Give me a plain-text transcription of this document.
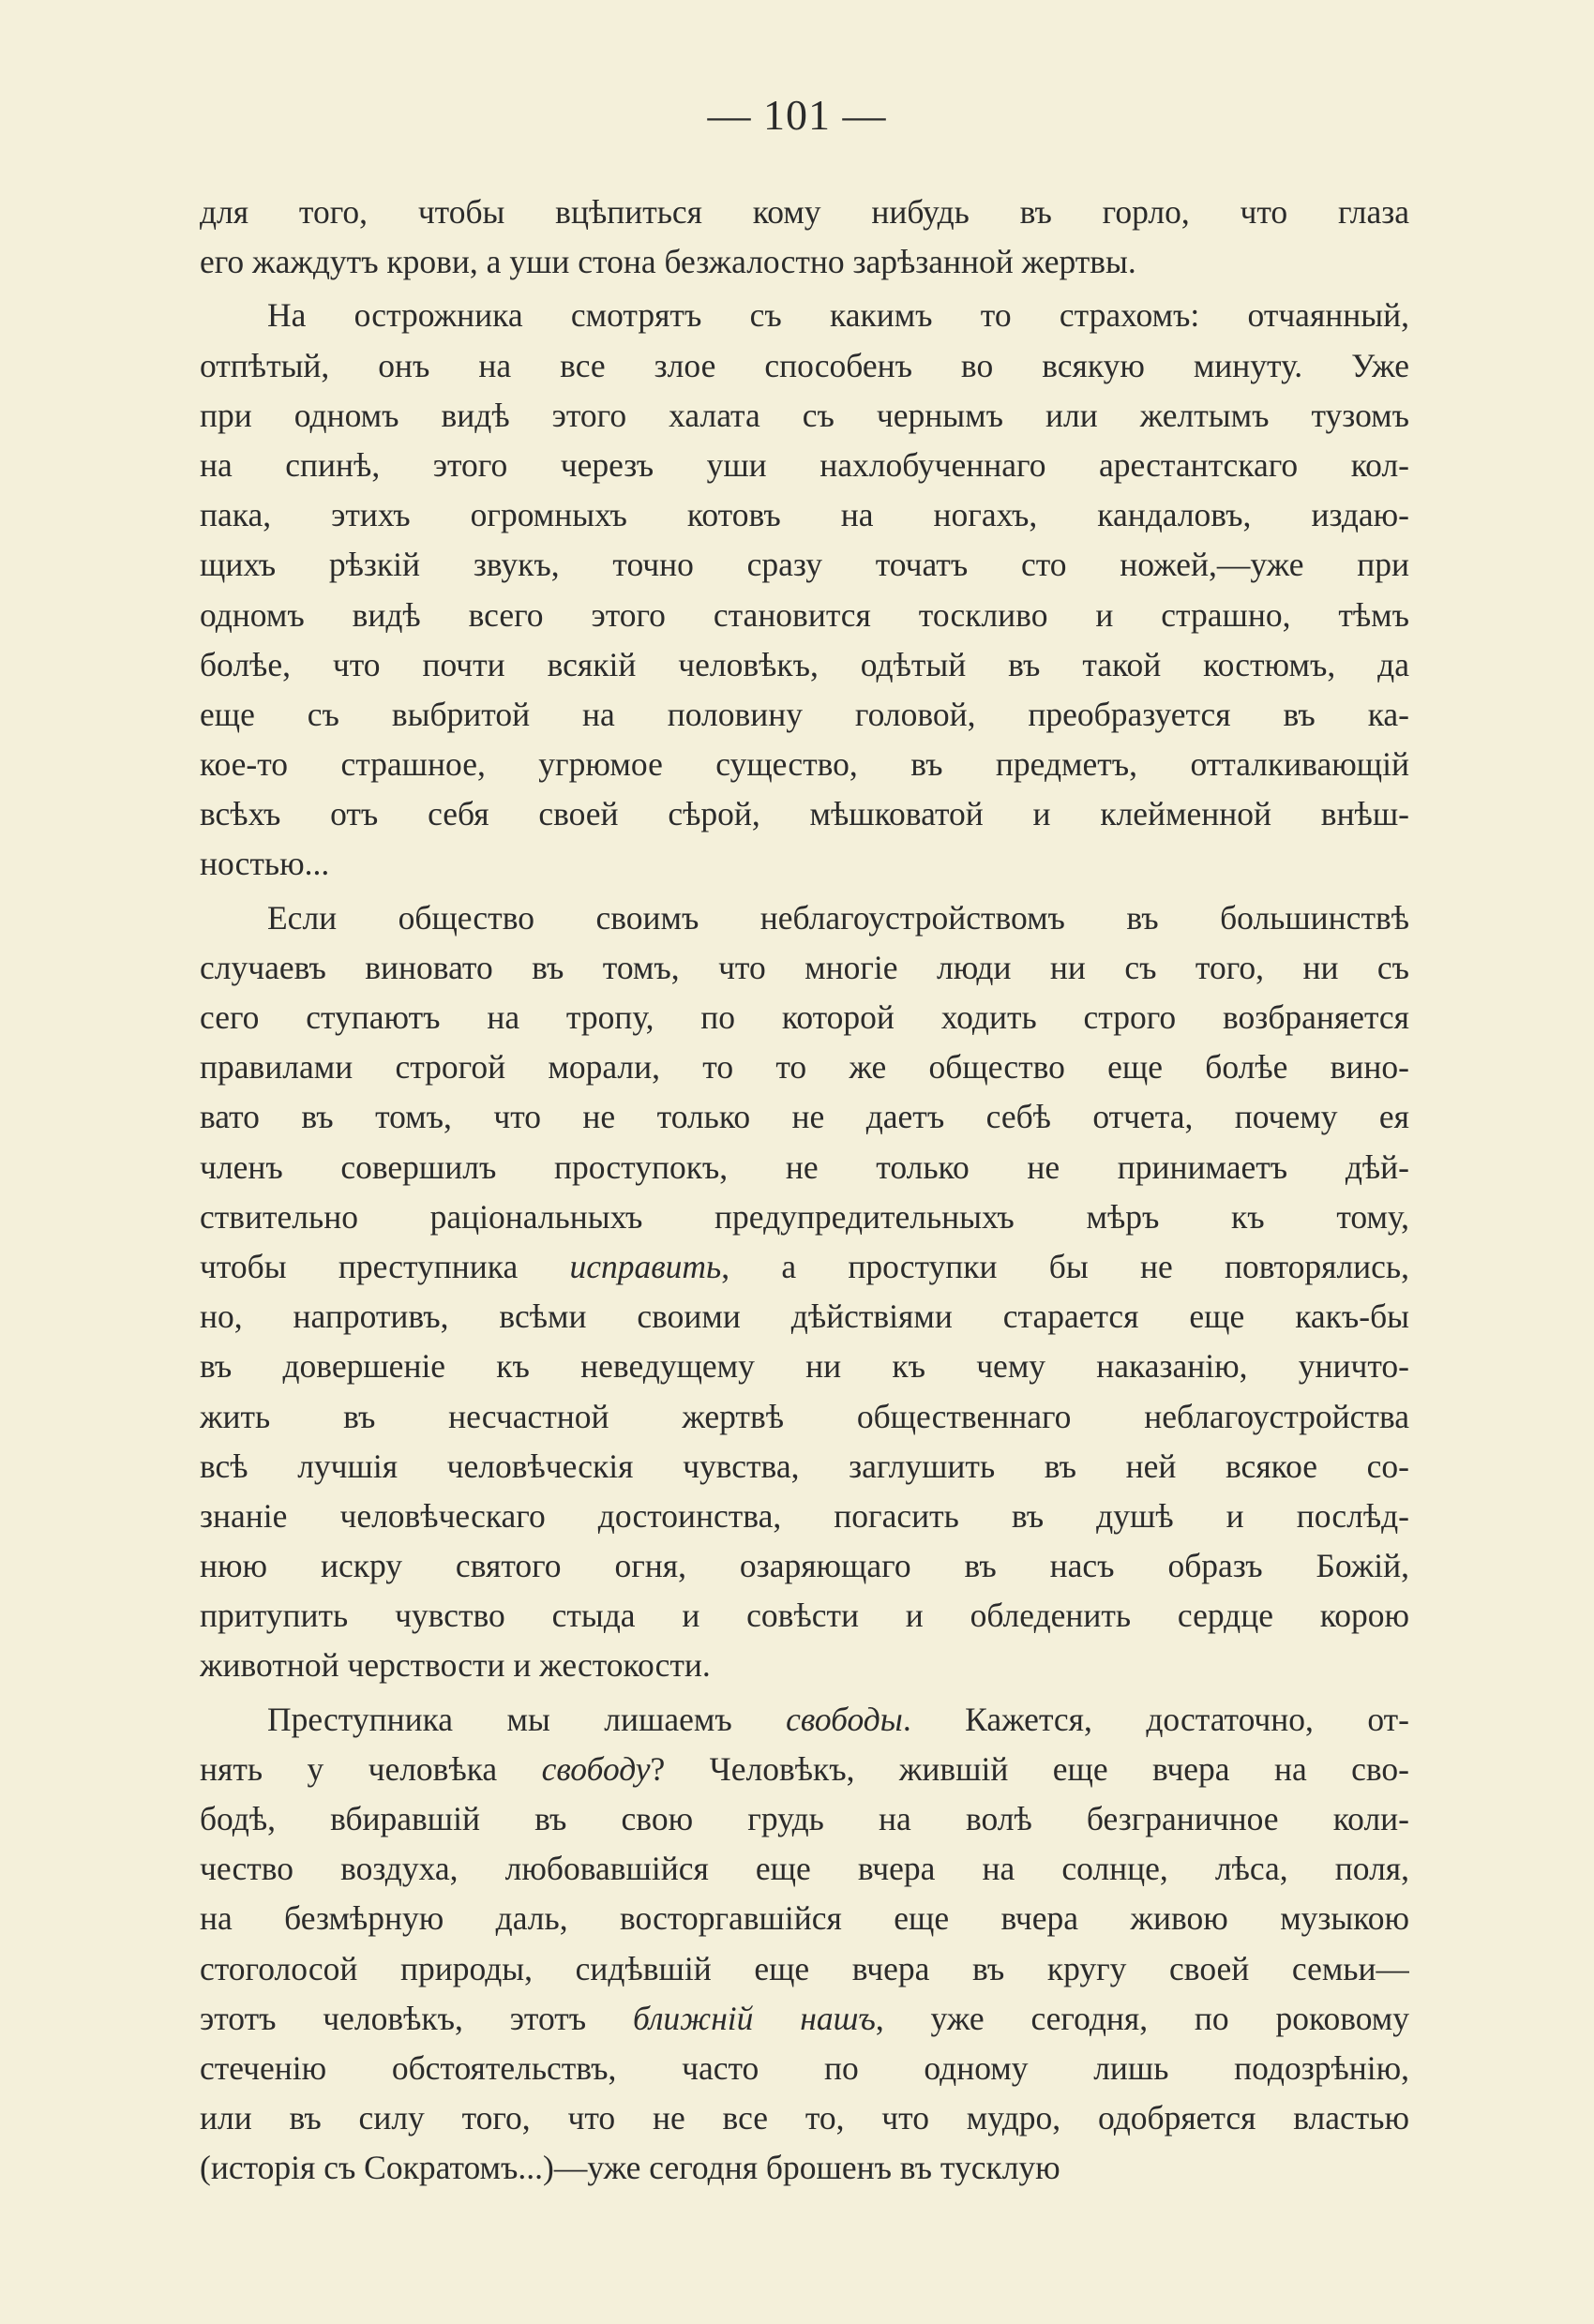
— 101 —

для того, чтобы вцѣпиться кому нибудь въ горло, что глаза
его жаждутъ крови, а уши стона безжалостно зарѣзанной жертвы.

На острожника смотрятъ съ какимъ то страхомъ: отчаянный,
отпѣтый, онъ на все злое способенъ во всякую минуту. Уже
при одномъ видѣ этого халата съ чернымъ или желтымъ тузомъ
на спинѣ, этого черезъ уши нахлобученнаго арестантскаго кол-
пака, этихъ огромныхъ котовъ на ногахъ, кандаловъ, издаю-
щихъ рѣзкій звукъ, точно сразу точатъ сто ножей,—уже при
одномъ видѣ всего этого становится тоскливо и страшно, тѣмъ
болѣе, что почти всякій человѣкъ, одѣтый въ такой костюмъ, да
еще съ выбритой на половину головой, преобразуется въ ка-
кое-то страшное, угрюмое существо, въ предметъ, отталкивающій
всѣхъ отъ себя своей сѣрой, мѣшковатой и клейменной внѣш-
ностью...

Если общество своимъ неблагоустройствомъ въ большинствѣ
случаевъ виновато въ томъ, что многіе люди ни съ того, ни съ
сего ступаютъ на тропу, по которой ходить строго возбраняется
правилами строгой морали, то то же общество еще болѣе вино-
вато въ томъ, что не только не даетъ себѣ отчета, почему ея
членъ совершилъ проступокъ, не только не принимаетъ дѣй-
ствительно раціональныхъ предупредительныхъ мѣръ къ тому,
чтобы преступника исправить, а проступки бы не повторялись,
но, напротивъ, всѣми своими дѣйствіями старается еще какъ-бы
въ довершеніе къ неведущему ни къ чему наказанію, уничто-
жить въ несчастной жертвѣ общественнаго неблагоустройства
всѣ лучшія человѣческія чувства, заглушить въ ней всякое со-
знаніе человѣческаго достоинства, погасить въ душѣ и послѣд-
нюю искру святого огня, озаряющаго въ насъ образъ Божій,
притупить чувство стыда и совѣсти и обледенить сердце корою
животной черствости и жестокости.

Преступника мы лишаемъ свободы. Кажется, достаточно, от-
нять у человѣка свободу? Человѣкъ, жившій еще вчера на сво-
бодѣ, вбиравшій въ свою грудь на волѣ безграничное коли-
чество воздуха, любовавшійся еще вчера на солнце, лѣса, поля,
на безмѣрную даль, восторгавшійся еще вчера живою музыкою
стоголосой природы, сидѣвшій еще вчера въ кругу своей семьи—
этотъ человѣкъ, этотъ ближній нашъ, уже сегодня, по роковому
стеченію обстоятельствъ, часто по одному лишь подозрѣнію,
или въ силу того, что не все то, что мудро, одобряется властью
(исторія съ Сократомъ...)—уже сегодня брошенъ въ тусклую
